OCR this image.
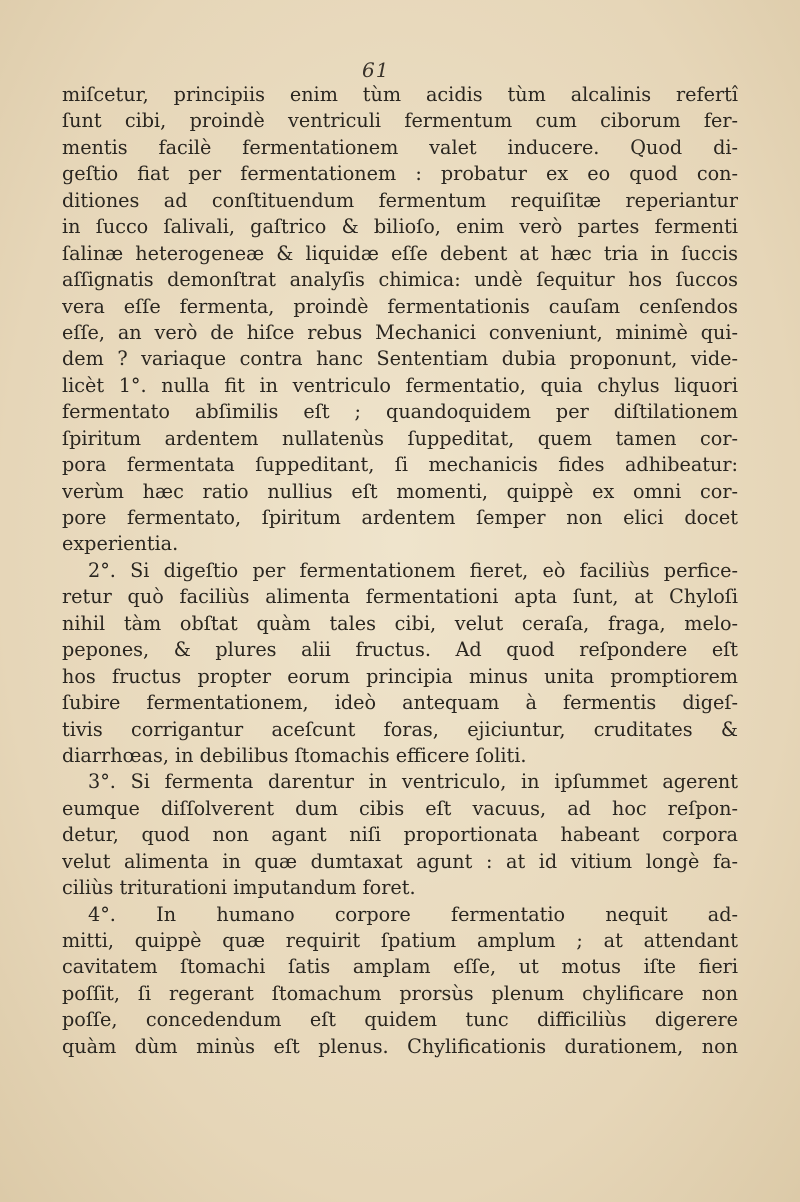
61
miſcetur, principiis enim tùm acidis tùm alcalinis refertî
ſunt cibi, proindè ventriculi fermentum cum ciborum fer-
mentis facilè fermentationem valet inducere. Quod di-
geſtio fiat per fermentationem : probatur ex eo quod con-
ditiones ad conſtituendum fermentum requiſitæ reperiantur
in ſucco ſalivali, gaſtrico & bilioſo, enim verò partes fermenti
ſalinæ heterogeneæ & liquidæ eſſe debent at hæc tria in ſuccis
aſſignatis demonſtrat analyſis chimica: undè ſequitur hos ſuccos
vera eſſe fermenta, proindè fermentationis cauſam cenſendos
eſſe, an verò de hiſce rebus Mechanici conveniunt, minimè qui-
dem ? variaque contra hanc Sententiam dubia proponunt, vide-
licèt 1°. nulla fit in ventriculo fermentatio, quia chylus liquori
fermentato abſimilis eſt ; quandoquidem per diſtilationem
ſpiritum ardentem nullatenùs ſuppeditat, quem tamen cor-
pora fermentata ſuppeditant, ſi mechanicis fides adhibeatur:
verùm hæc ratio nullius eſt momenti, quippè ex omni cor-
pore fermentato, ſpiritum ardentem ſemper non elici docet
experientia.
2°. Si digeſtio per fermentationem fieret, eò faciliùs perfice-
retur quò faciliùs alimenta fermentationi apta ſunt, at Chyloſi
nihil tàm obſtat quàm tales cibi, velut ceraſa, fraga, melo-
pepones, & plures alii fructus. Ad quod reſpondere eſt
hos fructus propter eorum principia minus unita promptiorem
ſubire fermentationem, ideò antequam à fermentis digeſ-
tivis corrigantur aceſcunt foras, ejiciuntur, cruditates &
diarrhœas, in debilibus ſtomachis efficere ſoliti.
3°. Si fermenta darentur in ventriculo, in ipſummet agerent
eumque diſſolverent dum cibis eſt vacuus, ad hoc reſpon-
detur, quod non agant niſi proportionata habeant corpora
velut alimenta in quæ dumtaxat agunt : at id vitium longè fa-
ciliùs triturationi imputandum foret.
4°. In humano corpore fermentatio nequit ad-
mitti, quippè quæ requirit ſpatium amplum ; at attendant
cavitatem ſtomachi ſatis amplam eſſe, ut motus iſte fieri
poſſit, ſi regerant ſtomachum prorsùs plenum chylificare non
poſſe, concedendum eſt quidem tunc difficiliùs digerere
quàm dùm minùs eſt plenus. Chylificationis durationem, non
